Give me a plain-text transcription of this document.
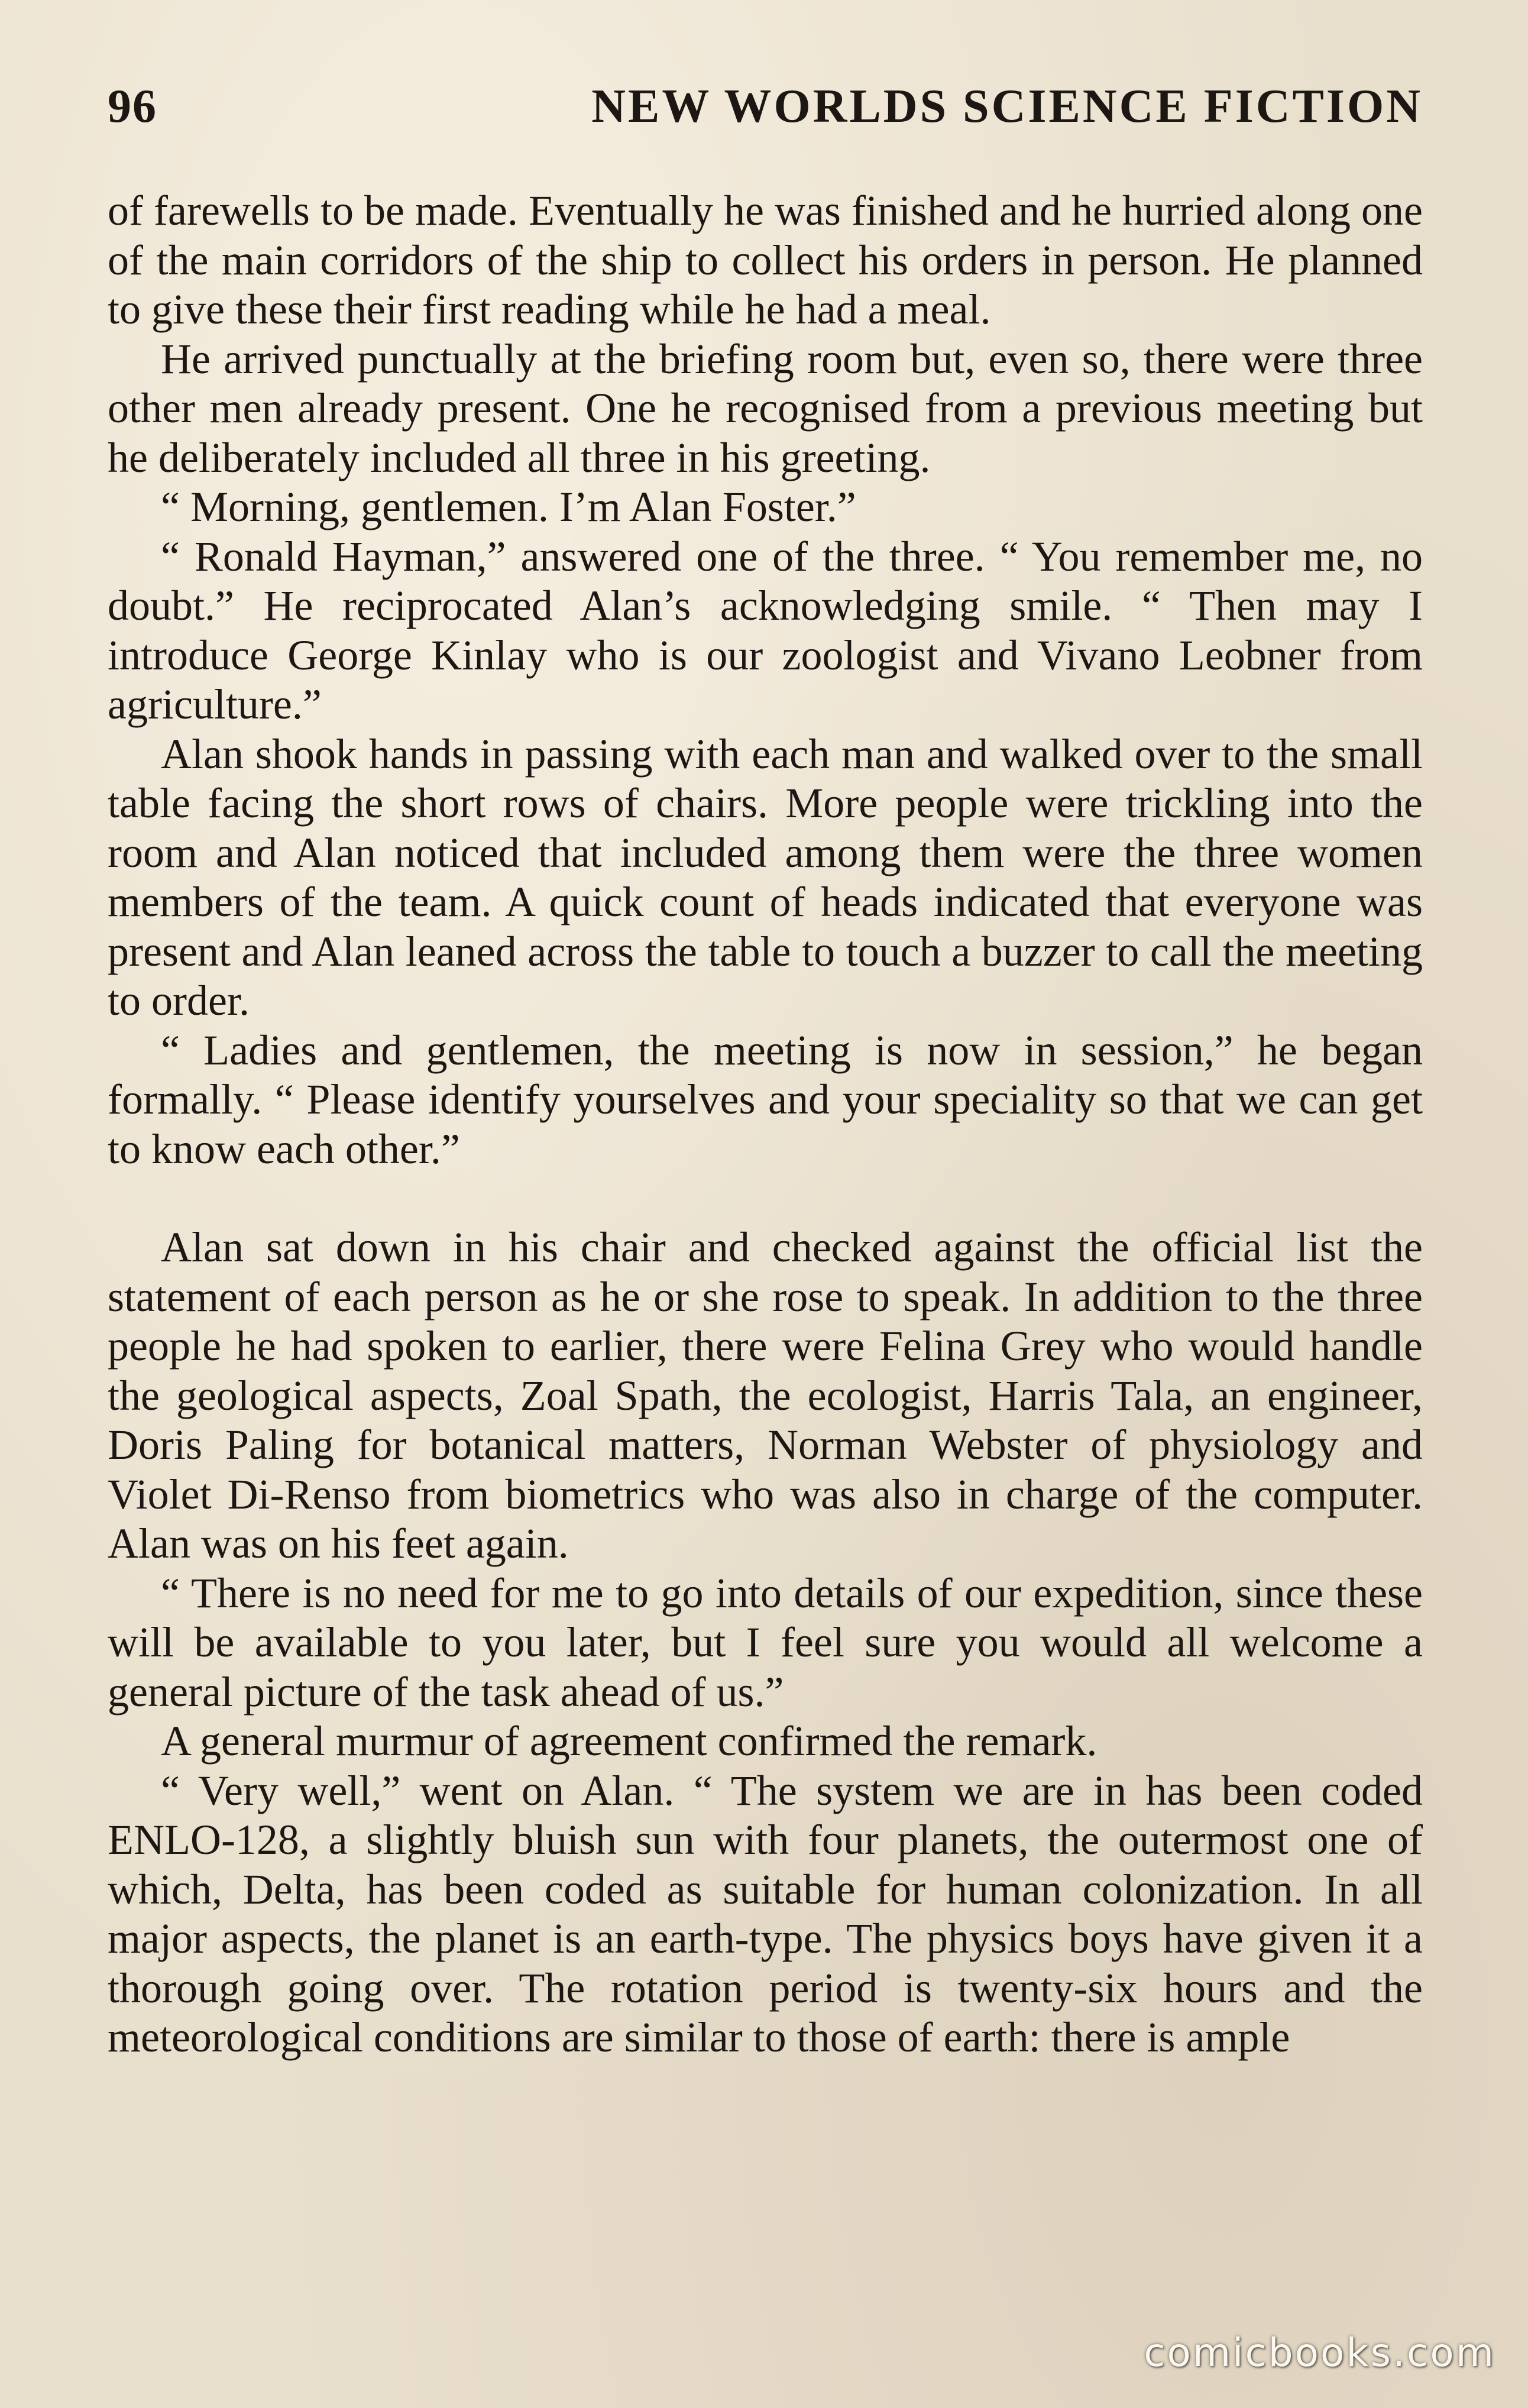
96	NEW WORLDS SCIENCE FICTION

of farewells to be made. Eventually he was finished and he hurried along one of the main corridors of the ship to collect his orders in person. He planned to give these their first reading while he had a meal.

He arrived punctually at the briefing room but, even so, there were three other men already present. One he recognised from a previous meeting but he deliberately included all three in his greeting.

“ Morning, gentlemen. I’m Alan Foster.”

“ Ronald Hayman,” answered one of the three. “ You remember me, no doubt.” He reciprocated Alan’s acknowledging smile. “ Then may I introduce George Kinlay who is our zoologist and Vivano Leobner from agriculture.”

Alan shook hands in passing with each man and walked over to the small table facing the short rows of chairs. More people were trickling into the room and Alan noticed that included among them were the three women members of the team. A quick count of heads indicated that everyone was present and Alan leaned across the table to touch a buzzer to call the meeting to order.

“ Ladies and gentlemen, the meeting is now in session,” he began formally. “ Please identify yourselves and your speciality so that we can get to know each other.”

Alan sat down in his chair and checked against the official list the statement of each person as he or she rose to speak. In addition to the three people he had spoken to earlier, there were Felina Grey who would handle the geological aspects, Zoal Spath, the ecologist, Harris Tala, an engineer, Doris Paling for botanical matters, Norman Webster of physiology and Violet Di-Renso from biometrics who was also in charge of the computer. Alan was on his feet again.

“ There is no need for me to go into details of our expedition, since these will be available to you later, but I feel sure you would all welcome a general picture of the task ahead of us.”

A general murmur of agreement confirmed the remark.

“ Very well,” went on Alan. “ The system we are in has been coded ENLO-128, a slightly bluish sun with four planets, the outermost one of which, Delta, has been coded as suitable for human colonization. In all major aspects, the planet is an earth-type. The physics boys have given it a thorough going over. The rotation period is twenty-six hours and the meteorological conditions are similar to those of earth: there is ample

comicbooks.com
